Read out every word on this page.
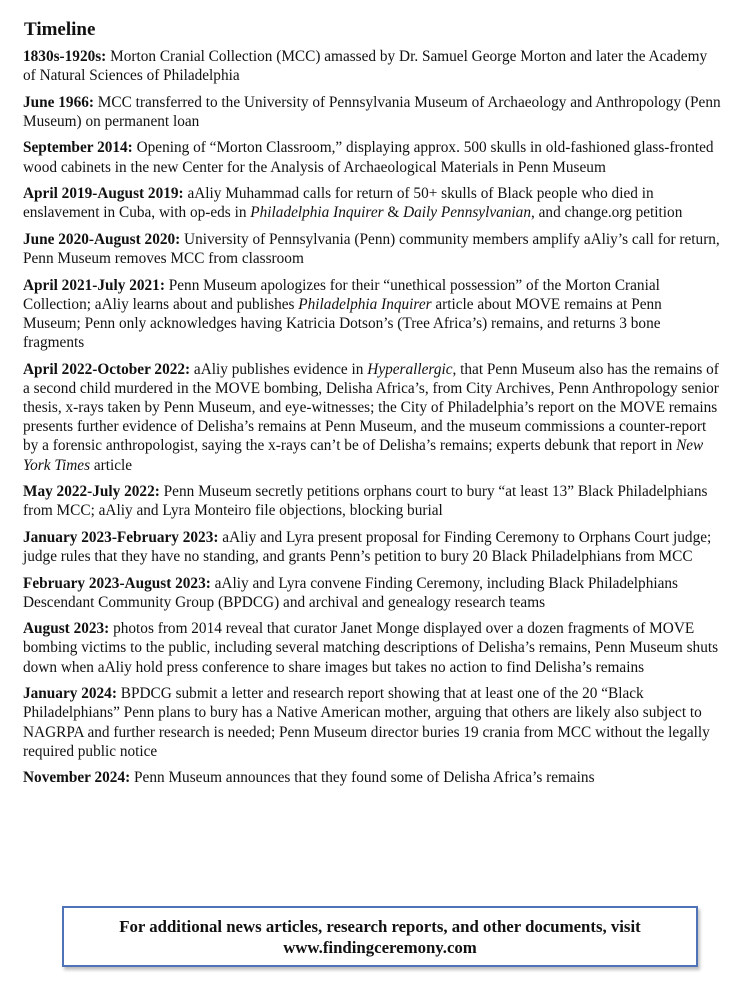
Timeline
1830s-1920s: Morton Cranial Collection (MCC) amassed by Dr. Samuel George Morton and later the Academy of Natural Sciences of Philadelphia
June 1966: MCC transferred to the University of Pennsylvania Museum of Archaeology and Anthropology (Penn Museum) on permanent loan
September 2014: Opening of “Morton Classroom,” displaying approx. 500 skulls in old-fashioned glass-fronted wood cabinets in the new Center for the Analysis of Archaeological Materials in Penn Museum
April 2019-August 2019: aAliy Muhammad calls for return of 50+ skulls of Black people who died in enslavement in Cuba, with op-eds in Philadelphia Inquirer & Daily Pennsylvanian, and change.org petition
June 2020-August 2020: University of Pennsylvania (Penn) community members amplify aAliy’s call for return, Penn Museum removes MCC from classroom
April 2021-July 2021: Penn Museum apologizes for their “unethical possession” of the Morton Cranial Collection; aAliy learns about and publishes Philadelphia Inquirer article about MOVE remains at Penn Museum; Penn only acknowledges having Katricia Dotson’s (Tree Africa’s) remains, and returns 3 bone fragments
April 2022-October 2022: aAliy publishes evidence in Hyperallergic, that Penn Museum also has the remains of a second child murdered in the MOVE bombing, Delisha Africa’s, from City Archives, Penn Anthropology senior thesis, x-rays taken by Penn Museum, and eye-witnesses; the City of Philadelphia’s report on the MOVE remains presents further evidence of Delisha’s remains at Penn Museum, and the museum commissions a counter-report by a forensic anthropologist, saying the x-rays can’t be of Delisha’s remains; experts debunk that report in New York Times article
May 2022-July 2022: Penn Museum secretly petitions orphans court to bury “at least 13” Black Philadelphians from MCC; aAliy and Lyra Monteiro file objections, blocking burial
January 2023-February 2023: aAliy and Lyra present proposal for Finding Ceremony to Orphans Court judge; judge rules that they have no standing, and grants Penn’s petition to bury 20 Black Philadelphians from MCC
February 2023-August 2023: aAliy and Lyra convene Finding Ceremony, including Black Philadelphians Descendant Community Group (BPDCG) and archival and genealogy research teams
August 2023: photos from 2014 reveal that curator Janet Monge displayed over a dozen fragments of MOVE bombing victims to the public, including several matching descriptions of Delisha’s remains, Penn Museum shuts down when aAliy hold press conference to share images but takes no action to find Delisha’s remains
January 2024: BPDCG submit a letter and research report showing that at least one of the 20 “Black Philadelphians” Penn plans to bury has a Native American mother, arguing that others are likely also subject to NAGRPA and further research is needed; Penn Museum director buries 19 crania from MCC without the legally required public notice
November 2024: Penn Museum announces that they found some of Delisha Africa’s remains
For additional news articles, research reports, and other documents, visit www.findingceremony.com
